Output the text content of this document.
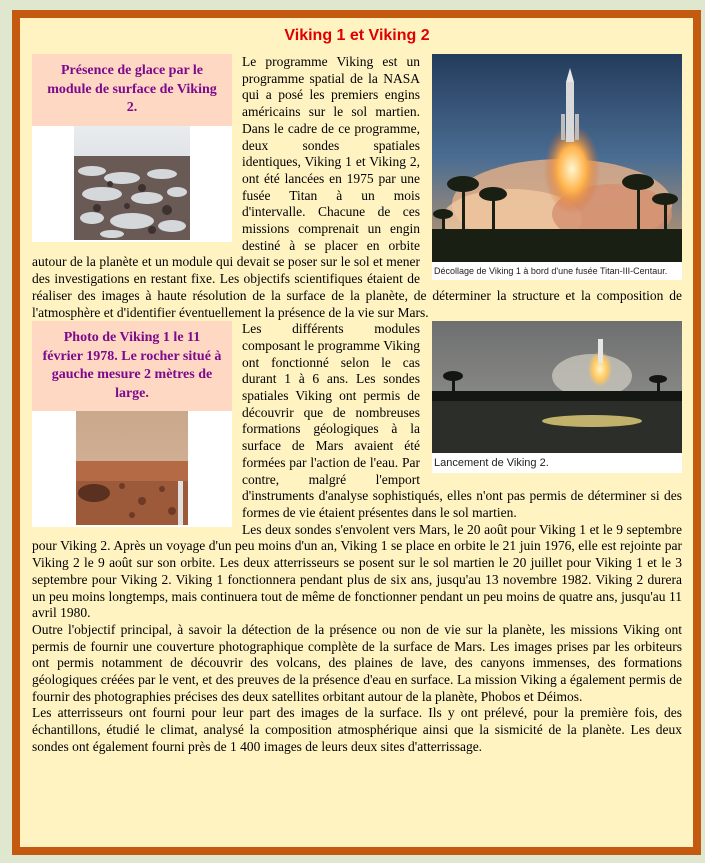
Viking 1 et Viking 2
Présence de glace par le module de surface de Viking 2.
Décollage de Viking 1 à bord d'une fusée Titan-III-Centaur.

Le programme Viking est un programme spatial de la NASA qui a posé les premiers engins américains sur le sol martien. Dans le cadre de ce programme, deux sondes spatiales identiques, Viking 1 et Viking 2, ont été lancées en 1975 par une fusée Titan à un mois d'intervalle. Chacune de ces missions comprenait un engin destiné à se placer en orbite autour de la planète et un module qui devait se poser sur le sol et mener des investigations en restant fixe. Les objectifs scientifiques étaient de réaliser des images à haute résolution de la surface de la planète, de déterminer la structure et la composition de l'atmosphère et d'identifier éventuellement la présence de la vie sur Mars.

Photo de Viking 1 le 11 février 1978. Le rocher situé à gauche mesure 2 mètres de large.
Lancement de Viking 2.

Les différents modules composant le programme Viking ont fonctionné selon le cas durant 1 à 6 ans. Les sondes spatiales Viking ont permis de découvrir que de nombreuses formations géologiques à la surface de Mars avaient été formées par l'action de l'eau. Par contre, malgré l'emport d'instruments d'analyse sophistiqués, elles n'ont pas permis de déterminer si des formes de vie étaient présentes dans le sol martien.

Les deux sondes s'envolent vers Mars, le 20 août pour Viking 1 et le 9 septembre pour Viking 2. Après un voyage d'un peu moins d'un an, Viking 1 se place en orbite le 21 juin 1976, elle est rejointe par Viking 2 le 9 août sur son orbite. Les deux atterrisseurs se posent sur le sol martien le 20 juillet pour Viking 1 et le 3 septembre pour Viking 2. Viking 1 fonctionnera pendant plus de six ans, jusqu'au 13 novembre 1982. Viking 2 durera un peu moins longtemps, mais continuera tout de même de fonctionner pendant un peu moins de quatre ans, jusqu'au 11 avril 1980.

Outre l'objectif principal, à savoir la détection de la présence ou non de vie sur la planète, les missions Viking ont permis de fournir une couverture photographique complète de la surface de Mars. Les images prises par les orbiteurs ont permis notamment de découvrir des volcans, des plaines de lave, des canyons immenses, des formations géologiques créées par le vent, et des preuves de la présence d'eau en surface. La mission Viking a également permis de fournir des photographies précises des deux satellites orbitant autour de la planète, Phobos et Déimos.

Les atterrisseurs ont fourni pour leur part des images de la surface. Ils y ont prélevé, pour la première fois, des échantillons, étudié le climat, analysé la composition atmosphérique ainsi que la sismicité de la planète. Les deux sondes ont également fourni près de 1 400 images de leurs deux sites d'atterrissage.
